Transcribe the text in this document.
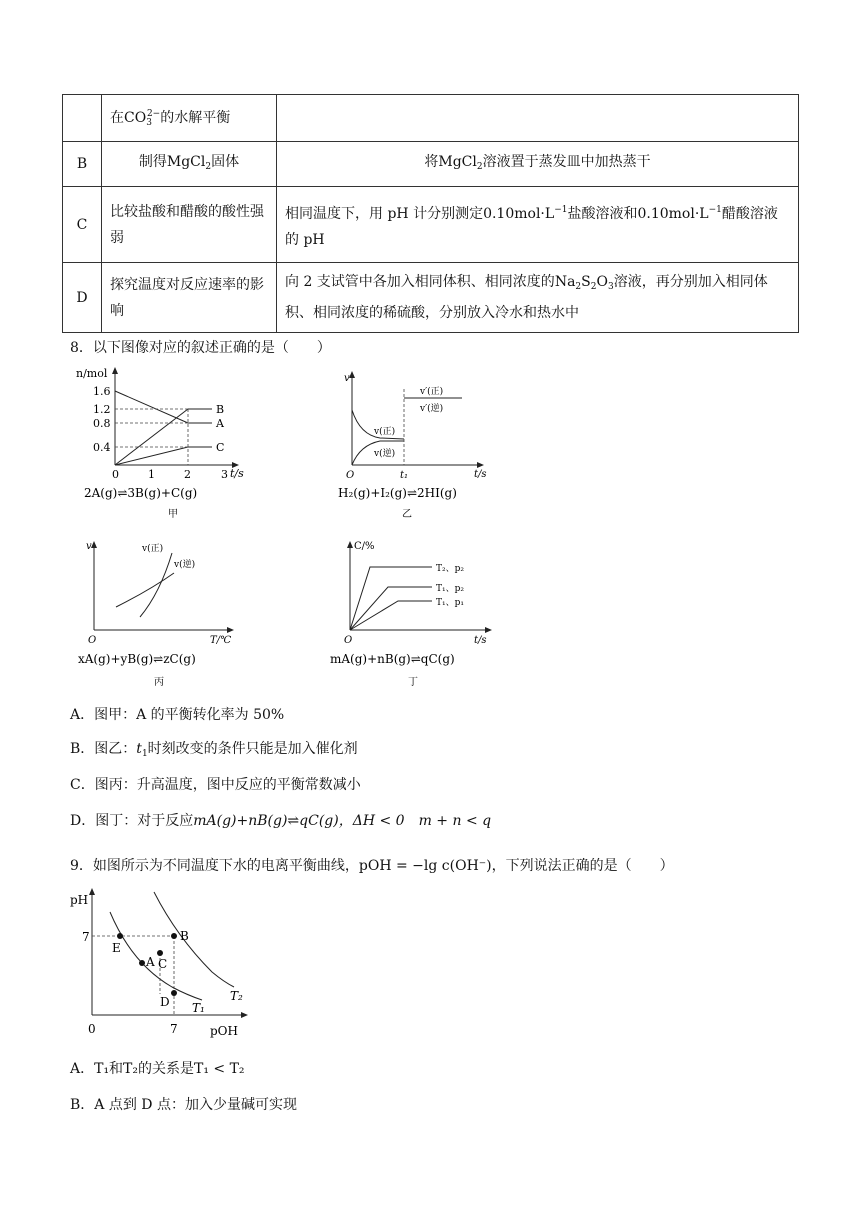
	在$CO_3^{2-}$的水解平衡	
B	制得MgCl$_2$固体	将MgCl$_2$溶液置于蒸发皿中加热蒸干
C	比较盐酸和醋酸的酸性强弱	相同温度下，用 pH 计分别测定$0.10mol\cdot L^{-1}$盐酸溶液和$0.10mol\cdot L^{-1}$醋酸溶液的 pH
D	探究温度对反应速率的影响	向 2 支试管中各加入相同体积、相同浓度的$Na_2S_2O_3$溶液，再分别加入相同体积、相同浓度的稀硫酸，分别放入冷水和热水中
8．以下图像对应的叙述正确的是（　　）
n/mol
1.6
1.2
0.8
0.4
0	1	2	3 t/s
B
A
C
2A(g)⇌3B(g)+C(g)
甲
v
O	t₁	t/s
v(正)
v(逆)
v′(正)
v′(逆)
H₂(g)+I₂(g)⇌2HI(g)
乙
v
O	T/℃
v(正)
v(逆)
xA(g)+yB(g)⇌zC(g)
丙
C/%
O	t/s
T₂、p₂
T₁、p₂
T₁、p₁
mA(g)+nB(g)⇌qC(g)
丁
A．图甲：A 的平衡转化率为 50%
B．图乙：$t_1$时刻改变的条件只能是加入催化剂
C．图丙：升高温度，图中反应的平衡常数减小
D．图丁：对于反应mA(g)+nB(g)⇌qC(g)，ΔH < 0　m + n < q
9．如图所示为不同温度下水的电离平衡曲线，pOH = −lg c(OH⁻)，下列说法正确的是（　　）
pH
7
0	7	pOH
E
B
C
A
D T₁
T₂
A．T₁和T₂的关系是T₁ < T₂
B．A 点到 D 点：加入少量碱可实现
